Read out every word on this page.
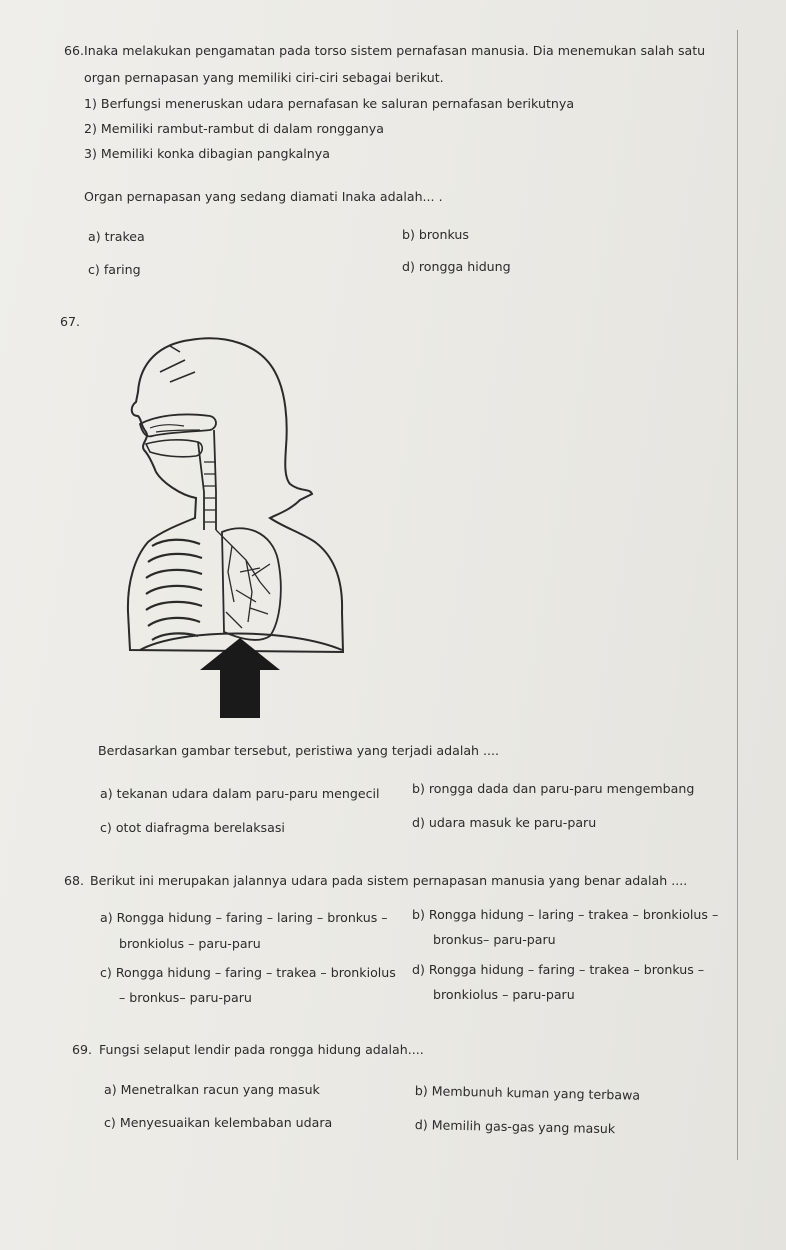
66. Inaka melakukan pengamatan pada torso sistem pernafasan manusia. Dia menemukan salah satu
organ pernapasan yang memiliki ciri-ciri sebagai berikut.
1) Berfungsi meneruskan udara pernafasan ke saluran pernafasan berikutnya
2) Memiliki rambut-rambut di dalam rongganya
3) Memiliki konka dibagian pangkalnya
Organ pernapasan yang sedang diamati Inaka adalah... .
a) trakea	b) bronkus
c) faring	d) rongga hidung
67.
Berdasarkan gambar tersebut, peristiwa yang terjadi adalah ....
a) tekanan udara dalam paru-paru mengecil	b) rongga dada dan paru-paru mengembang
c) otot diafragma berelaksasi	d) udara masuk ke paru-paru
68. Berikut ini merupakan jalannya udara pada sistem pernapasan manusia yang benar adalah ....
a) Rongga hidung – faring – laring – bronkus –
bronkiolus – paru-paru
b) Rongga hidung – laring – trakea – bronkiolus –
bronkus– paru-paru
c) Rongga hidung – faring – trakea – bronkiolus
– bronkus– paru-paru
d) Rongga hidung – faring – trakea – bronkus –
bronkiolus – paru-paru
69. Fungsi selaput lendir pada rongga hidung adalah....
a) Menetralkan racun yang masuk	b) Membunuh kuman yang terbawa
c) Menyesuaikan kelembaban udara	d) Memilih gas-gas yang masuk
